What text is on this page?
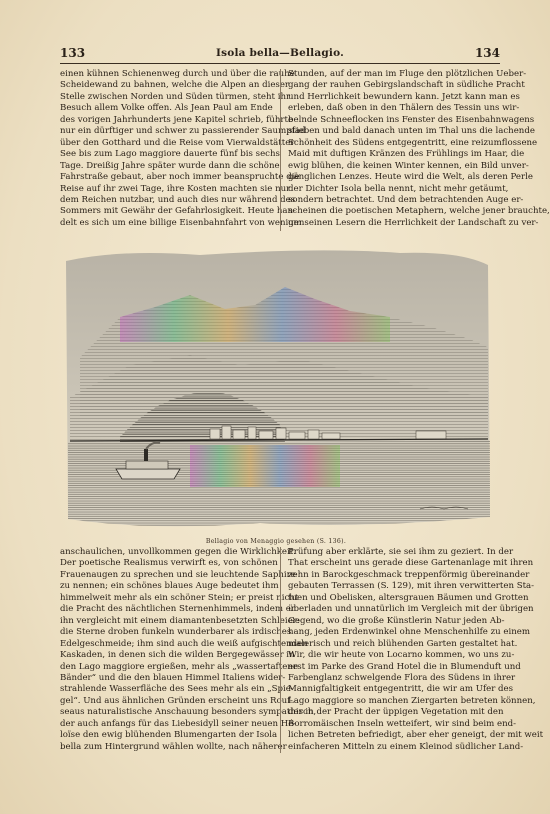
133	Isola bella—Bellagio.	134
einen kühnen Schienenweg durch und über die rauhe
Scheidewand zu bahnen, welche die Alpen an dieser
Stelle zwischen Norden und Süden türmen, steht ihr
Besuch allem Volke offen. Als Jean Paul am Ende
des vorigen Jahrhunderts jene Kapitel schrieb, führte
nur ein dürftiger und schwer zu passierender Saumpfad
über den Gotthard und die Reise vom Vierwaldstätter
See bis zum Lago maggiore dauerte fünf bis sechs
Tage. Dreißig Jahre später wurde dann die schöne
Fahrstraße gebaut, aber noch immer beanspruchte die
Reise auf ihr zwei Tage, ihre Kosten machten sie nur
dem Reichen nutzbar, und auch dies nur während des
Sommers mit Gewähr der Gefahrlosigkeit. Heute han-
delt es sich um eine billige Eisenbahnfahrt von wenigen
Stunden, auf der man im Fluge den plötzlichen Ueber-
gang der rauhen Gebirgslandschaft in südliche Pracht
und Herrlichkeit bewundern kann. Jetzt kann man es
erleben, daß oben in den Thälern des Tessin uns wir-
belnde Schneeflocken ins Fenster des Eisenbahnwagens
stieben und bald danach unten im Thal uns die lachende
Schönheit des Südens entgegentritt, eine reizumflossene
Maid mit duftigen Kränzen des Frühlings im Haar, die
ewig blühen, die keinen Winter kennen, ein Bild unver-
gänglichen Lenzes. Heute wird die Welt, als deren Perle
der Dichter Isola bella nennt, nicht mehr getäumt,
sondern betrachtet. Und dem betrachtenden Auge er-
scheinen die poetischen Metaphern, welche jener brauchte,
um seinen Lesern die Herrlichkeit der Landschaft zu ver-
Bellagio von Menaggio gesehen (S. 136).
anschaulichen, unvollkommen gegen die Wirklichkeit.
Der poetische Realismus verwirft es, von schönen
Frauenaugen zu sprechen und sie leuchtende Saphire
zu nennen; ein schönes blaues Auge bedeutet ihm
himmelweit mehr als ein schöner Stein; er preist nicht
die Pracht des nächtlichen Sternenhimmels, indem er
ihn vergleicht mit einem diamantenbesetzten Schleier:
die Sterne droben funkeln wunderbarer als irdisches
Edelgeschmeide; ihm sind auch die weiß aufgischtenden
Kaskaden, in denen sich die wilden Bergegewässer in
den Lago maggiore ergießen, mehr als „wassertaftene
Bänder“ und die den blauen Himmel Italiens wider-
strahlende Wasserfläche des Sees mehr als ein „Spie-
gel“. Und aus ähnlichen Gründen erscheint uns Rouf-
seaus naturalistische Anschauung besonders sympathisch,
der auch anfangs für das Liebesidyll seiner neuen Hé-
loïse den ewig blühenden Blumengarten der Isola
bella zum Hintergrund wählen wollte, nach näherer
Prüfung aber erklärte, sie sei ihm zu geziert. In der
That erscheint uns gerade diese Gartenanlage mit ihren
zehn in Barockgeschmack treppenförmig übereinander
gebauten Terrassen (S. 129), mit ihren verwitterten Sta-
tuen und Obelisken, altersgrauen Bäumen und Grotten
überladen und unnatürlich im Vergleich mit der übrigen
Gegend, wo die große Künstlerin Natur jeden Ab-
hang, jeden Erdenwinkel ohne Menschenhilfe zu einem
malerisch und reich blühenden Garten gestaltet hat.
Wir, die wir heute von Locarno kommen, wo uns zu-
erst im Parke des Grand Hotel die in Blumenduft und
Farbenglanz schwelgende Flora des Südens in ihrer
Mannigfaltigkeit entgegentritt, die wir am Ufer des
Lago maggiore so manchen Ziergarten betreten können,
der in der Pracht der üppigen Vegetation mit den
Borromäischen Inseln wetteifert, wir sind beim end-
lichen Betreten befriedigt, aber eher geneigt, der mit weit
einfacheren Mitteln zu einem Kleinod südlicher Land-
